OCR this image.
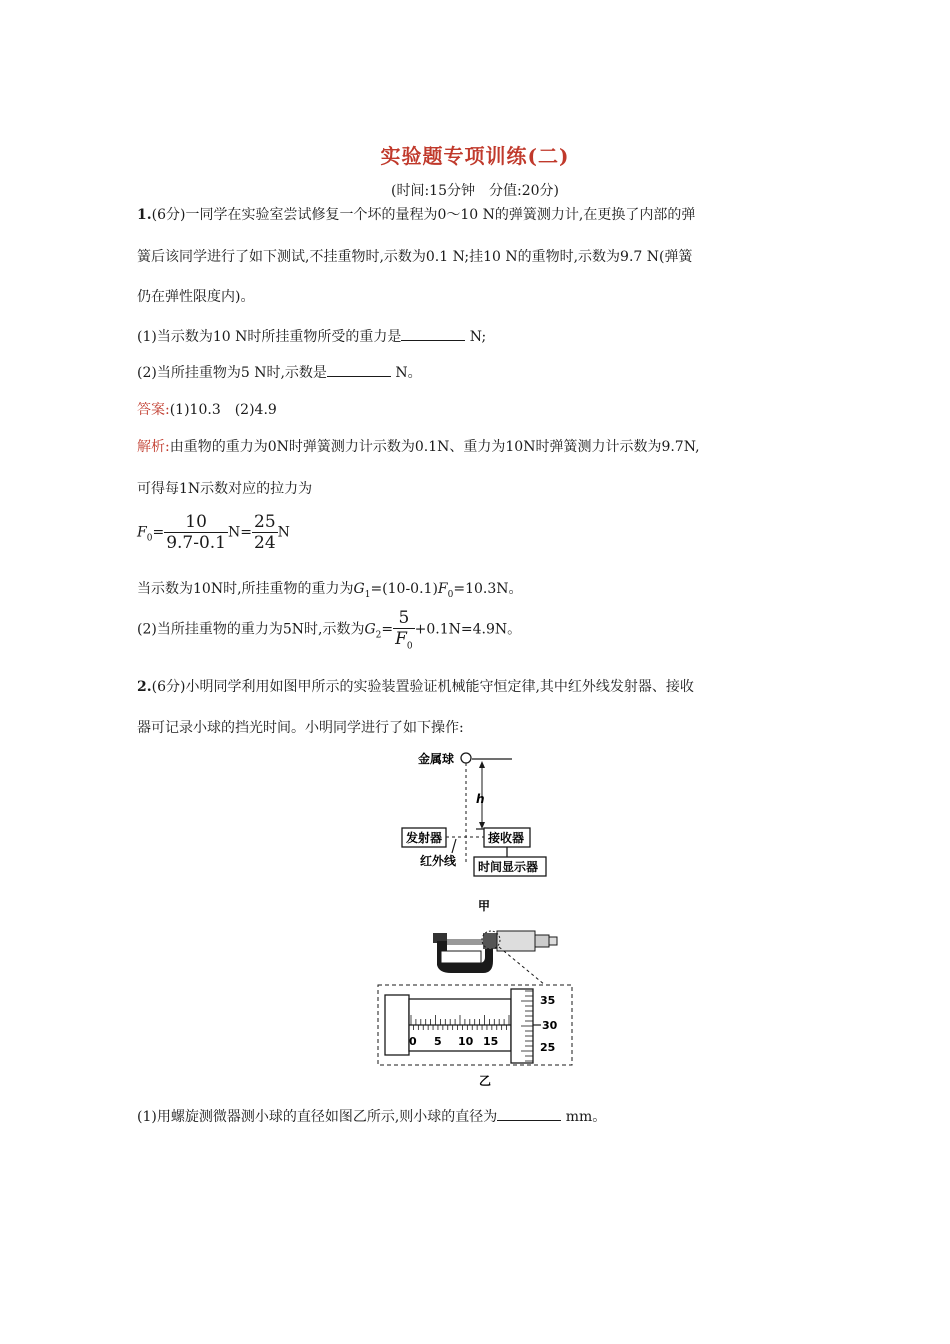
实验题专项训练(二)
(时间:15分钟　分值:20分)
1.(6分)一同学在实验室尝试修复一个坏的量程为0～10 N的弹簧测力计,在更换了内部的弹
簧后该同学进行了如下测试,不挂重物时,示数为0.1 N;挂10 N的重物时,示数为9.7 N(弹簧
仍在弹性限度内)。
(1)当示数为10 N时所挂重物所受的重力是	N;
(2)当所挂重物为5 N时,示数是	N。
答案:(1)10.3　(2)4.9
解析:由重物的重力为0N时弹簧测力计示数为0.1N、重力为10N时弹簧测力计示数为9.7N,
可得每1N示数对应的拉力为
$F_0= \frac{10}{9.7-0.1} N= \frac{25}{24}$ N
当示数为10N时,所挂重物的重力为$G_1=(10-0.1)F_0=10.3N$。
(2)当所挂重物的重力为5N时,示数为$G_2= \frac{5}{F_0} +0.1N=4.9N$。
2.(6分)小明同学利用如图甲所示的实验装置验证机械能守恒定律,其中红外线发射器、接收
器可记录小球的挡光时间。小明同学进行了如下操作:
金属球
h
发射器	接收器
红外线 时间显示器
甲
0 5 10 15
35
30
25
乙
(1)用螺旋测微器测小球的直径如图乙所示,则小球的直径为	mm。
